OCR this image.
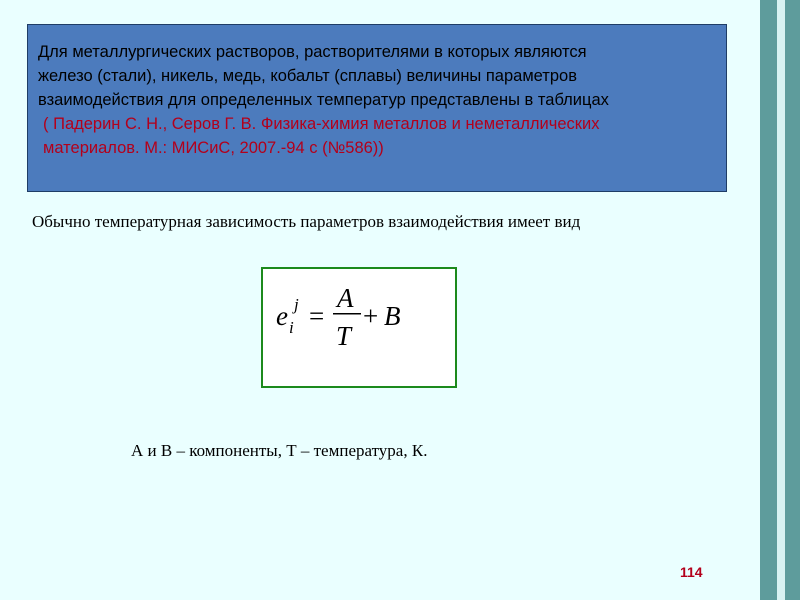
Для металлургических растворов, растворителями в которых являются
железо (стали), никель, медь, кобальт (сплавы) величины параметров
взаимодействия для определенных температур представлены в таблицах

( Падерин С. Н., Серов Г. В. Физика-химия металлов и неметаллических
материалов. М.: МИСиС, 2007.-94 с (№586))
Обычно температурная зависимость параметров взаимодействия имеет вид
e j
i =
A
T
+ B
А и В – компоненты, Т – температура, К.
114
